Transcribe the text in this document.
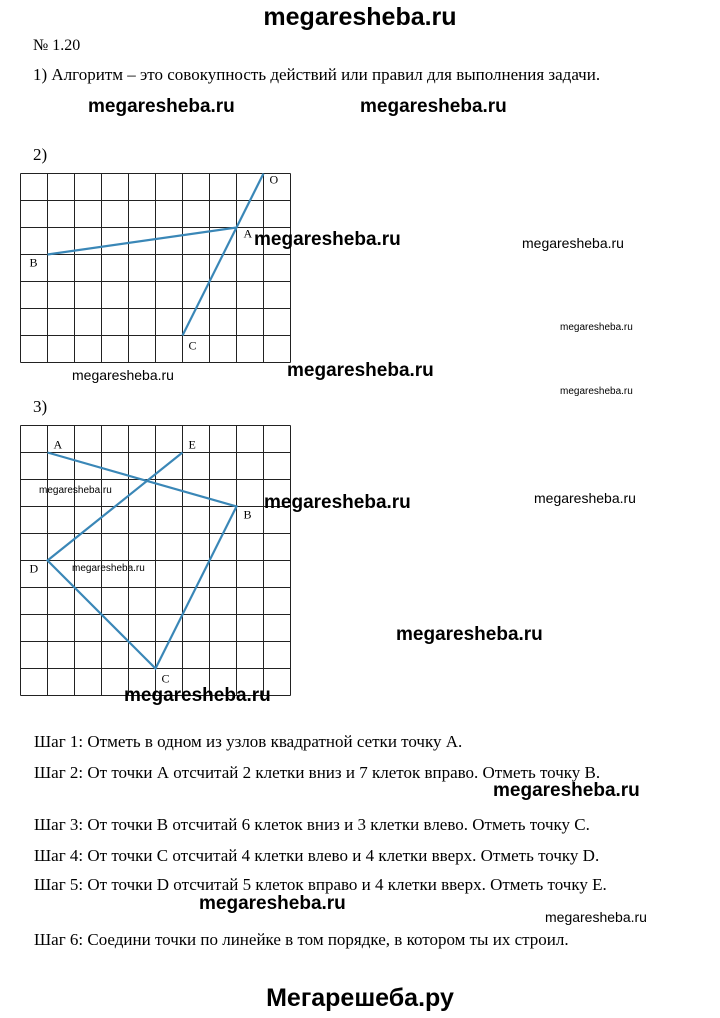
megaresheba.ru
№ 1.20
1) Алгоритм – это совокупность действий или правил для выполнения задачи.
2)
O
A
B
C
3)
A	E
B
D
C
Шаг 1: Отметь в одном из узлов квадратной сетки точку А.
Шаг 2: От точки А отсчитай 2 клетки вниз и 7 клеток вправо. Отметь точку В.
Шаг 3: От точки В отсчитай 6 клеток вниз и 3 клетки влево. Отметь точку С.
Шаг 4: От точки С отсчитай 4 клетки влево и 4 клетки вверх. Отметь точку D.
Шаг 5: От точки D отсчитай 5 клеток вправо и 4 клетки вверх. Отметь точку Е.
Шаг 6: Соедини точки по линейке в том порядке, в котором ты их строил.
megaresheba.ru	megaresheba.ru
megaresheba.ru	megaresheba.ru
megaresheba.ru
megaresheba.ru
megaresheba.ru
megaresheba.ru
megaresheba.ru
megaresheba.ru	megaresheba.ru
megaresheba.ru
megaresheba.ru
megaresheba.ru
megaresheba.ru
megaresheba.ru
megaresheba.ru
Мегарешеба.ру
